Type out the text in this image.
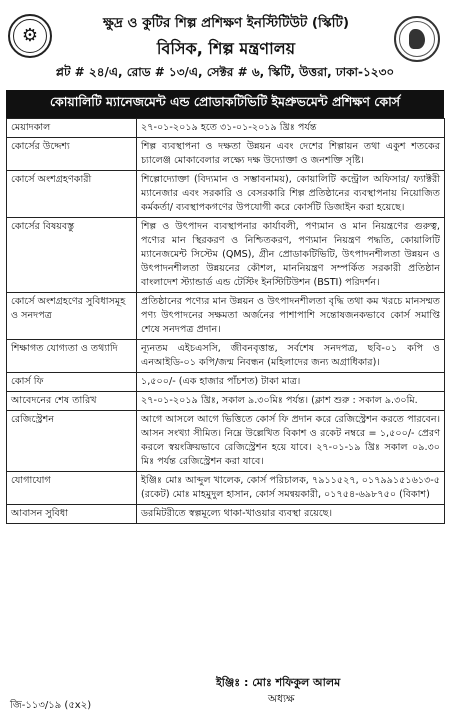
⚙
ক্ষুদ্র ও কুটির শিল্প প্রশিক্ষণ ইনস্টিটিউট (স্কিটি)
বিসিক, শিল্প মন্ত্রণালয়
প্লট # ২৪/এ, রোড # ১৩/এ, সেক্টর # ৬, স্কিটি, উত্তরা, ঢাকা-১২৩০
কোয়ালিটি ম্যানেজমেন্ট এন্ড প্রোডাকটিভিটি ইমপ্রুভমেন্ট প্রশিক্ষণ কোর্স
মেয়াদকাল	২৭-০১-২০১৯ হতে ৩১-০১-২০১৯ খ্রিঃ পর্যন্ত
কোর্সের উদ্দেশ্য	শিল্প ব্যবস্থাপনা ও দক্ষতা উন্নয়ন এবং দেশের শিল্পায়ন তথা একুশ শতকের চ্যালেঞ্জ মোকাবেলার লক্ষ্যে দক্ষ উদ্যোক্তা ও জনশক্তি সৃষ্টি।
কোর্সে অংশগ্রহণকারী	শিল্পোদ্যোক্তা (বিদ্যমান ও সম্ভাবনাময়), কোয়ালিটি কন্ট্রোল অফিসার/ ফ্যাক্টরী ম্যানেজার এবং সরকারি ও বেসরকারি শিল্প প্রতিষ্ঠানের ব্যবস্থাপনায় নিয়োজিত কর্মকর্তা/ ব্যবস্থাপকগণের উপযোগী করে কোর্সটি ডিজাইন করা হয়েছে।
কোর্সের বিষয়বস্তু	শিল্প ও উৎপাদন ব্যবস্থাপনার কার্যাবলী, পণ্যমান ও মান নিয়ন্ত্রণের গুরুত্ব, পণ্যের মান স্থিরকরণ ও নিশ্চিতকরণ, পণ্যমান নিয়ন্ত্রণ পদ্ধতি, কোয়ালিটি ম্যানেজমেন্ট সিস্টেম (QMS), গ্রীন প্রোডাকটিভিটি, উৎপাদনশীলতা উন্নয়ন ও উৎপাদনশীলতা উন্নয়নের কৌশল, মাননিয়ন্ত্রণ সম্পর্কিত সরকারী প্রতিষ্ঠান বাংলাদেশ স্ট্যান্ডার্ড এন্ড টেস্টিং ইনস্টিটিউশন (BSTI) পরিদর্শন।
কোর্সে অংশগ্রহণের সুবিধাসমূহ ও সনদপত্র	প্রতিষ্ঠানের পণ্যের মান উন্নয়ন ও উৎপাদনশীলতা বৃদ্ধি তথা কম খরচে মানসম্মত পণ্য উৎপাদনের সক্ষমতা অর্জনের পাশাপাশি সন্তোষজনকভাবে কোর্স সমাপ্তি শেষে সনদপত্র প্রদান।
শিক্ষাগত যোগ্যতা ও তথ্যাদি	ন্যূনতম এইচএসসি, জীবনবৃত্তান্ত, সর্বশেষ সনদপত্র, ছবি-০১ কপি ও এনআইডি-০১ কপি/জন্ম নিবন্ধন (মহিলাদের জন্য অগ্রাধিকার)।
কোর্স ফি	১,৫০০/- (এক হাজার পাঁচশত) টাকা মাত্র।
আবেদনের শেষ তারিখ	২৭-০১-২০১৯ খ্রিঃ, সকাল ৯.৩০মিঃ পর্যন্ত। (ক্লাশ শুরু : সকাল ৯.৩০মি.
রেজিস্ট্রেশন	আগে আসলে আগে ভিত্তিতে কোর্স ফি প্রদান করে রেজিস্ট্রেশন করতে পারবেন। আসন সংখ্যা সীমিত। নিম্নে উল্লেখিত বিকাশ ও রকেট নম্বরে = ১,৫০০/- প্রেরণ করলে স্বয়ংক্রিয়ভাবে রেজিস্ট্রেশন হয়ে যাবে। ২৭-০১-১৯ খ্রিঃ সকাল ০৯.৩০ মিঃ পর্যন্ত রেজিস্ট্রেশন করা যাবে।
যোগাযোগ	ইঞ্জিঃ মোঃ আব্দুল খালেক, কোর্স পরিচালক, ৭৯১১৫২৭, ০১৭৯৯১৫১৬১৩-৫ (রকেট) মোঃ মাহমুদুল হাসান, কোর্স সমন্বয়কারী, ০১৭৫৪-৬৯৮৭৫০ (বিকাশ)
আবাসন সুবিধা	ডরমিটরীতে স্বল্পমূল্যে থাকা-খাওয়ার ব্যবস্থা রয়েছে।
ইঞ্জিঃ : মোঃ শফিকুল আলম
অধ্যক্ষ
জি-১১৩/১৯ (৫x২)
